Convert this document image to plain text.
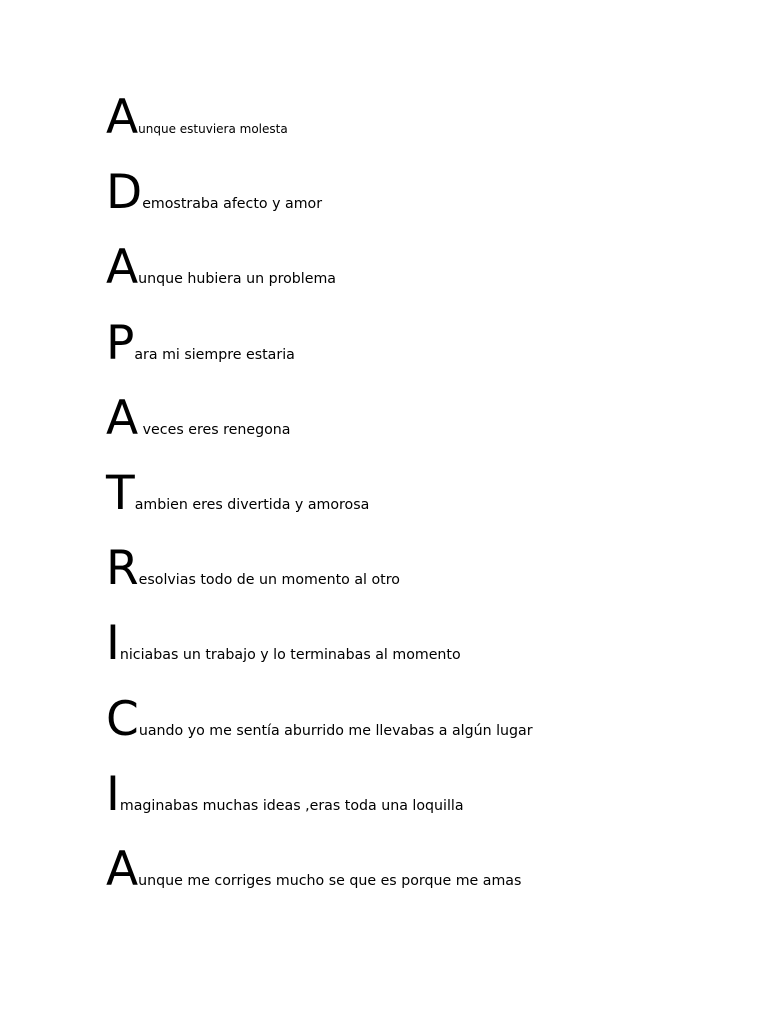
Aunque estuviera molesta
Demostraba afecto y amor
Aunque hubiera un problema
Para mi siempre estaria
A veces eres renegona
Tambien eres divertida y amorosa
Resolvias todo de un momento al otro
Iniciabas un trabajo y lo terminabas al momento
Cuando yo me sentía aburrido me llevabas a algún lugar
Imaginabas muchas ideas ,eras toda una loquilla
Aunque me corriges mucho se que es porque me amas
